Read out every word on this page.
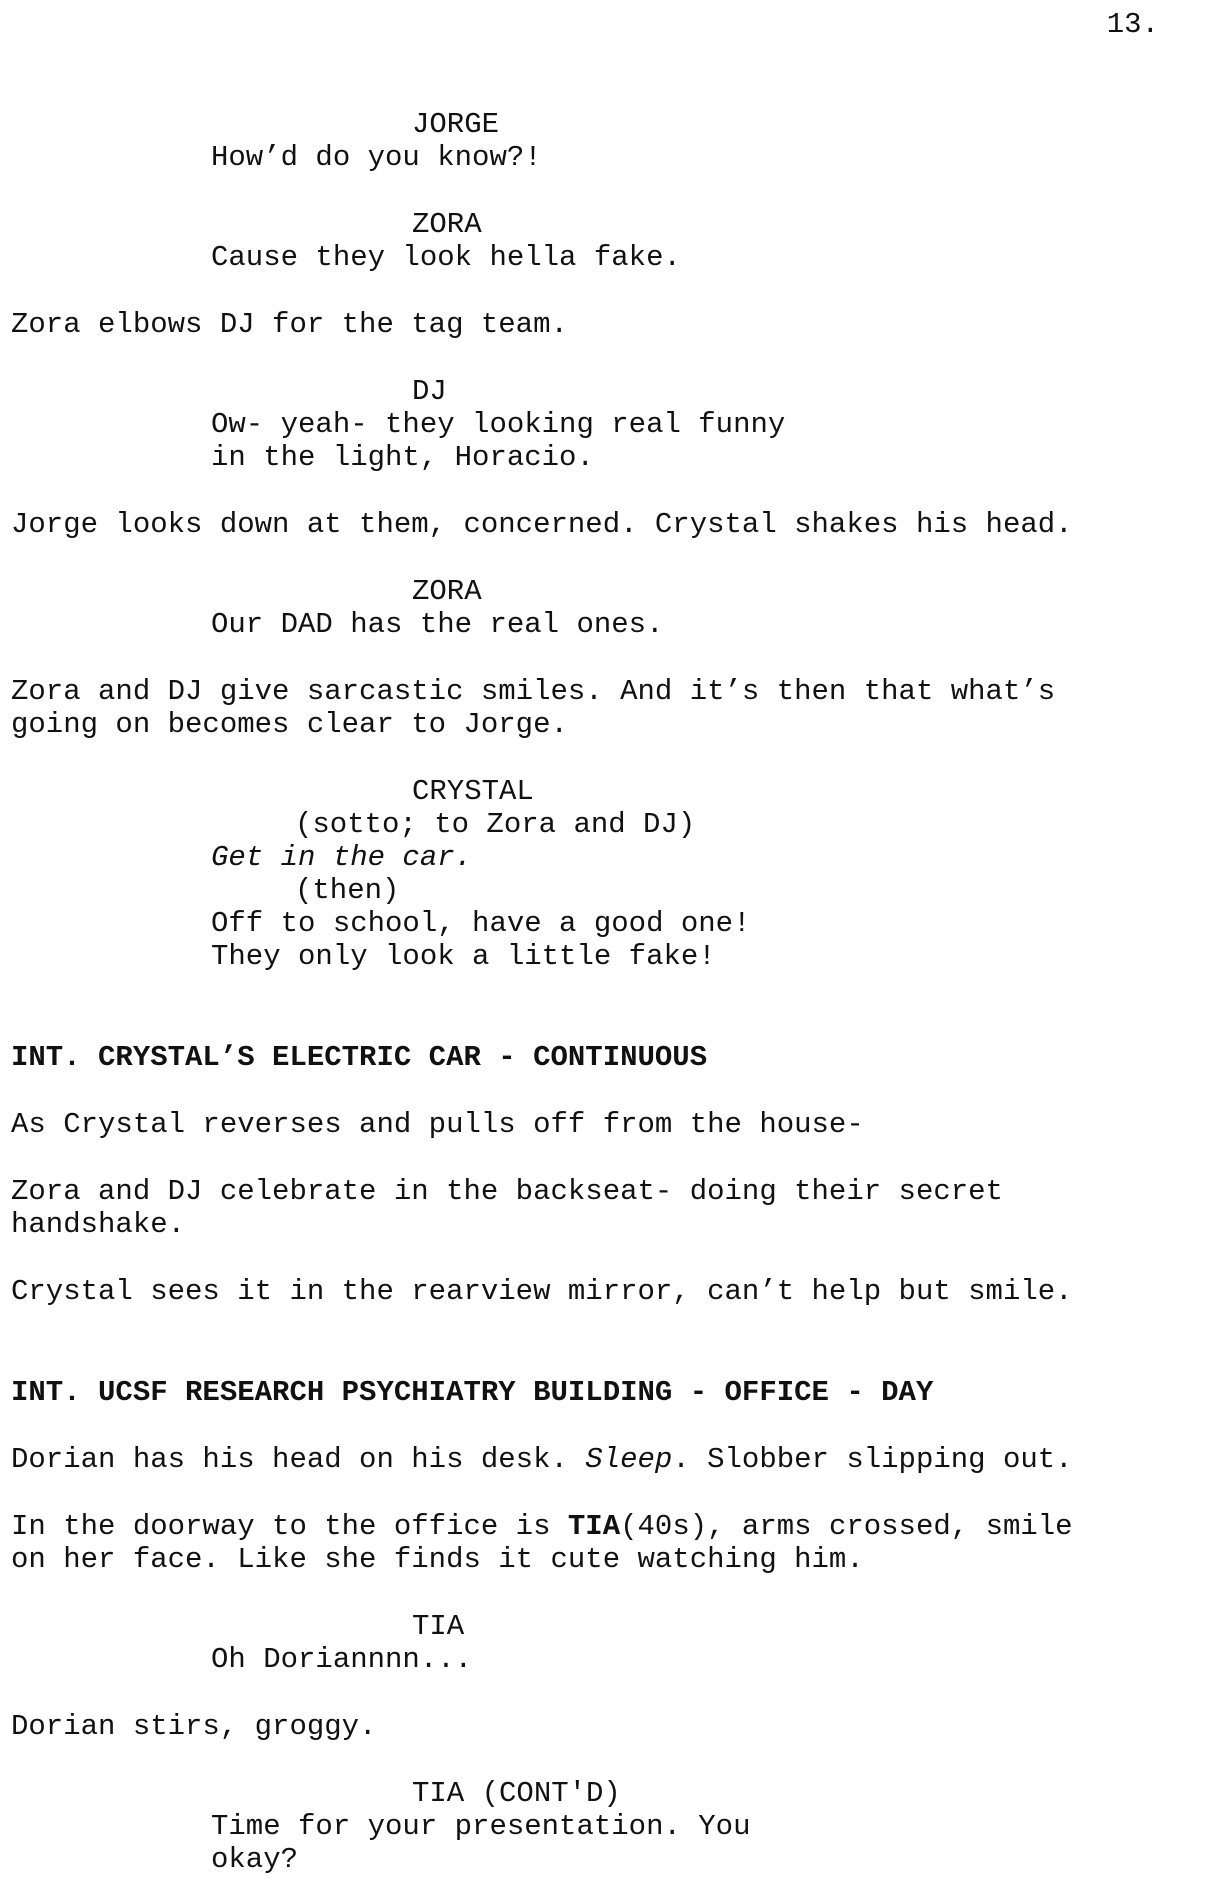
13.
JORGE
How’d do you know?!
ZORA
Cause they look hella fake.
Zora elbows DJ for the tag team.
DJ
Ow- yeah- they looking real funny
in the light, Horacio.
Jorge looks down at them, concerned. Crystal shakes his head.
ZORA
Our DAD has the real ones.
Zora and DJ give sarcastic smiles. And it’s then that what’s
going on becomes clear to Jorge.
CRYSTAL
(sotto; to Zora and DJ)
Get in the car.
(then)
Off to school, have a good one!
They only look a little fake!
INT. CRYSTAL’S ELECTRIC CAR - CONTINUOUS
As Crystal reverses and pulls off from the house-
Zora and DJ celebrate in the backseat- doing their secret
handshake.
Crystal sees it in the rearview mirror, can’t help but smile.
INT. UCSF RESEARCH PSYCHIATRY BUILDING - OFFICE - DAY
Dorian has his head on his desk. Sleep. Slobber slipping out.
In the doorway to the office is TIA(40s), arms crossed, smile
on her face. Like she finds it cute watching him.
TIA
Oh Doriannnn...
Dorian stirs, groggy.
TIA (CONT'D)
Time for your presentation. You
okay?
